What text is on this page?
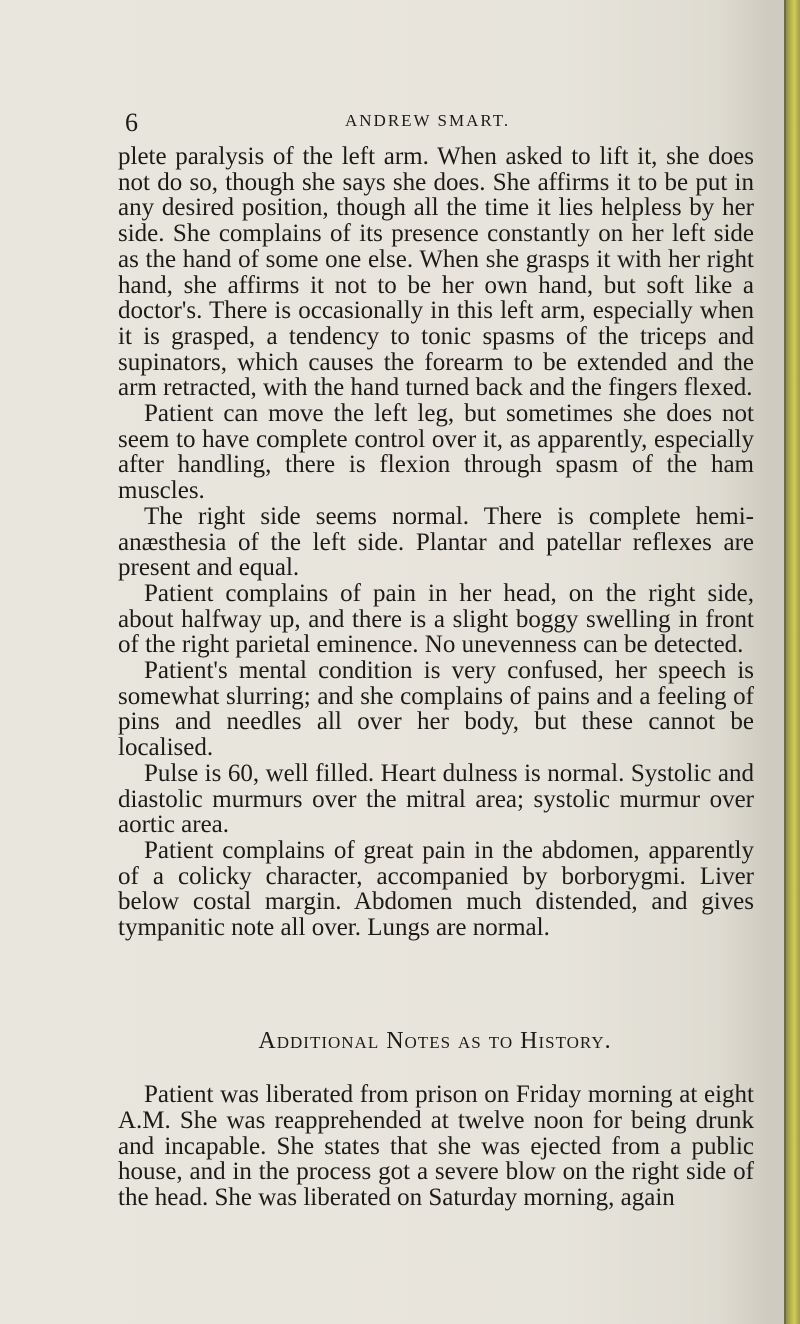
6	ANDREW SMART.

plete paralysis of the left arm. When asked to lift it, she does not do so, though she says she does. She affirms it to be put in any desired position, though all the time it lies helpless by her side. She complains of its presence constantly on her left side as the hand of some one else. When she grasps it with her right hand, she affirms it not to be her own hand, but soft like a doctor's. There is occasionally in this left arm, especially when it is grasped, a tendency to tonic spasms of the triceps and supinators, which causes the forearm to be extended and the arm retracted, with the hand turned back and the fingers flexed.

Patient can move the left leg, but sometimes she does not seem to have complete control over it, as apparently, especially after handling, there is flexion through spasm of the ham muscles.

The right side seems normal. There is complete hemi-anæsthesia of the left side. Plantar and patellar reflexes are present and equal.

Patient complains of pain in her head, on the right side, about halfway up, and there is a slight boggy swelling in front of the right parietal eminence. No unevenness can be detected.

Patient's mental condition is very confused, her speech is somewhat slurring; and she complains of pains and a feeling of pins and needles all over her body, but these cannot be localised.

Pulse is 60, well filled. Heart dulness is normal. Systolic and diastolic murmurs over the mitral area; systolic murmur over aortic area.

Patient complains of great pain in the abdomen, apparently of a colicky character, accompanied by borborygmi. Liver below costal margin. Abdomen much distended, and gives tympanitic note all over. Lungs are normal.

Additional Notes as to History.

Patient was liberated from prison on Friday morning at eight A.M. She was reapprehended at twelve noon for being drunk and incapable. She states that she was ejected from a public house, and in the process got a severe blow on the right side of the head. She was liberated on Saturday morning, again
